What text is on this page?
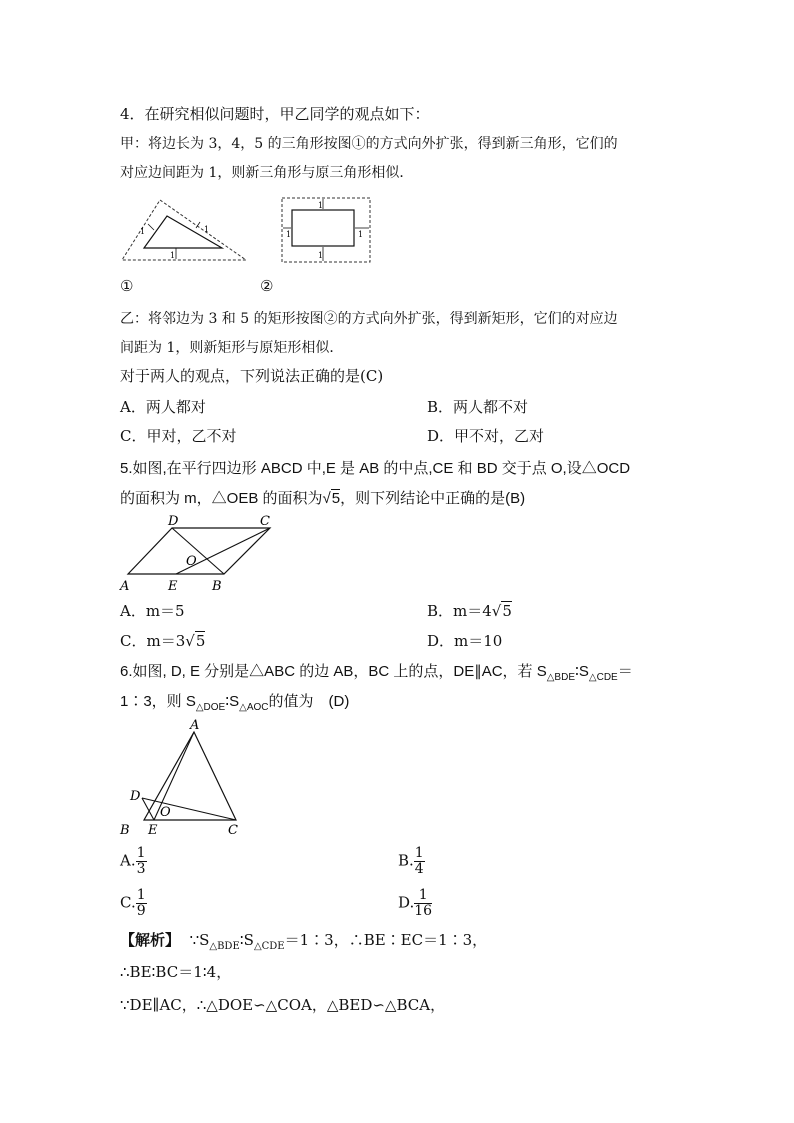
4．在研究相似问题时，甲乙同学的观点如下：
甲：将边长为 3，4，5 的三角形按图①的方式向外扩张，得到新三角形，它们的
对应边间距为 1，则新三角形与原三角形相似．
1	1
1
1
1
1	1
①	②
乙：将邻边为 3 和 5 的矩形按图②的方式向外扩张，得到新矩形，它们的对应边
间距为 1，则新矩形与原矩形相似．
对于两人的观点，下列说法正确的是(C)
A．两人都对	B．两人都不对
C．甲对，乙不对	D．甲不对，乙对
5.如图,在平行四边形 ABCD 中,E 是 AB 的中点,CE 和 BD 交于点 O,设△OCD
的面积为 m，△OEB 的面积为√5，则下列结论中正确的是(B)
D	C
A	E	B
O
A．m＝5	B．m＝4√5
C．m＝3√5	D．m＝10
6.如图, D, E 分别是△ABC 的边 AB，BC 上的点，DE∥AC，若 $S_{\triangle BDE}∶S_{\triangle CDE}=$
1∶3，则 $S_{\triangle DOE}∶S_{\triangle AOC}$的值为　(D)
A
D
B E	C
O
A. $\frac{1}{3}$	B. $\frac{1}{4}$
C. $\frac{1}{9}$	D. $\frac{1}{16}$
【解析】 $\because S_{\triangle BDE}∶S_{\triangle CDE}=1∶3$，∴BE∶EC＝1∶3，
∴BE∶BC＝1∶4，
∵DE∥AC，∴△DOE∽△COA，△BED∽△BCA，
